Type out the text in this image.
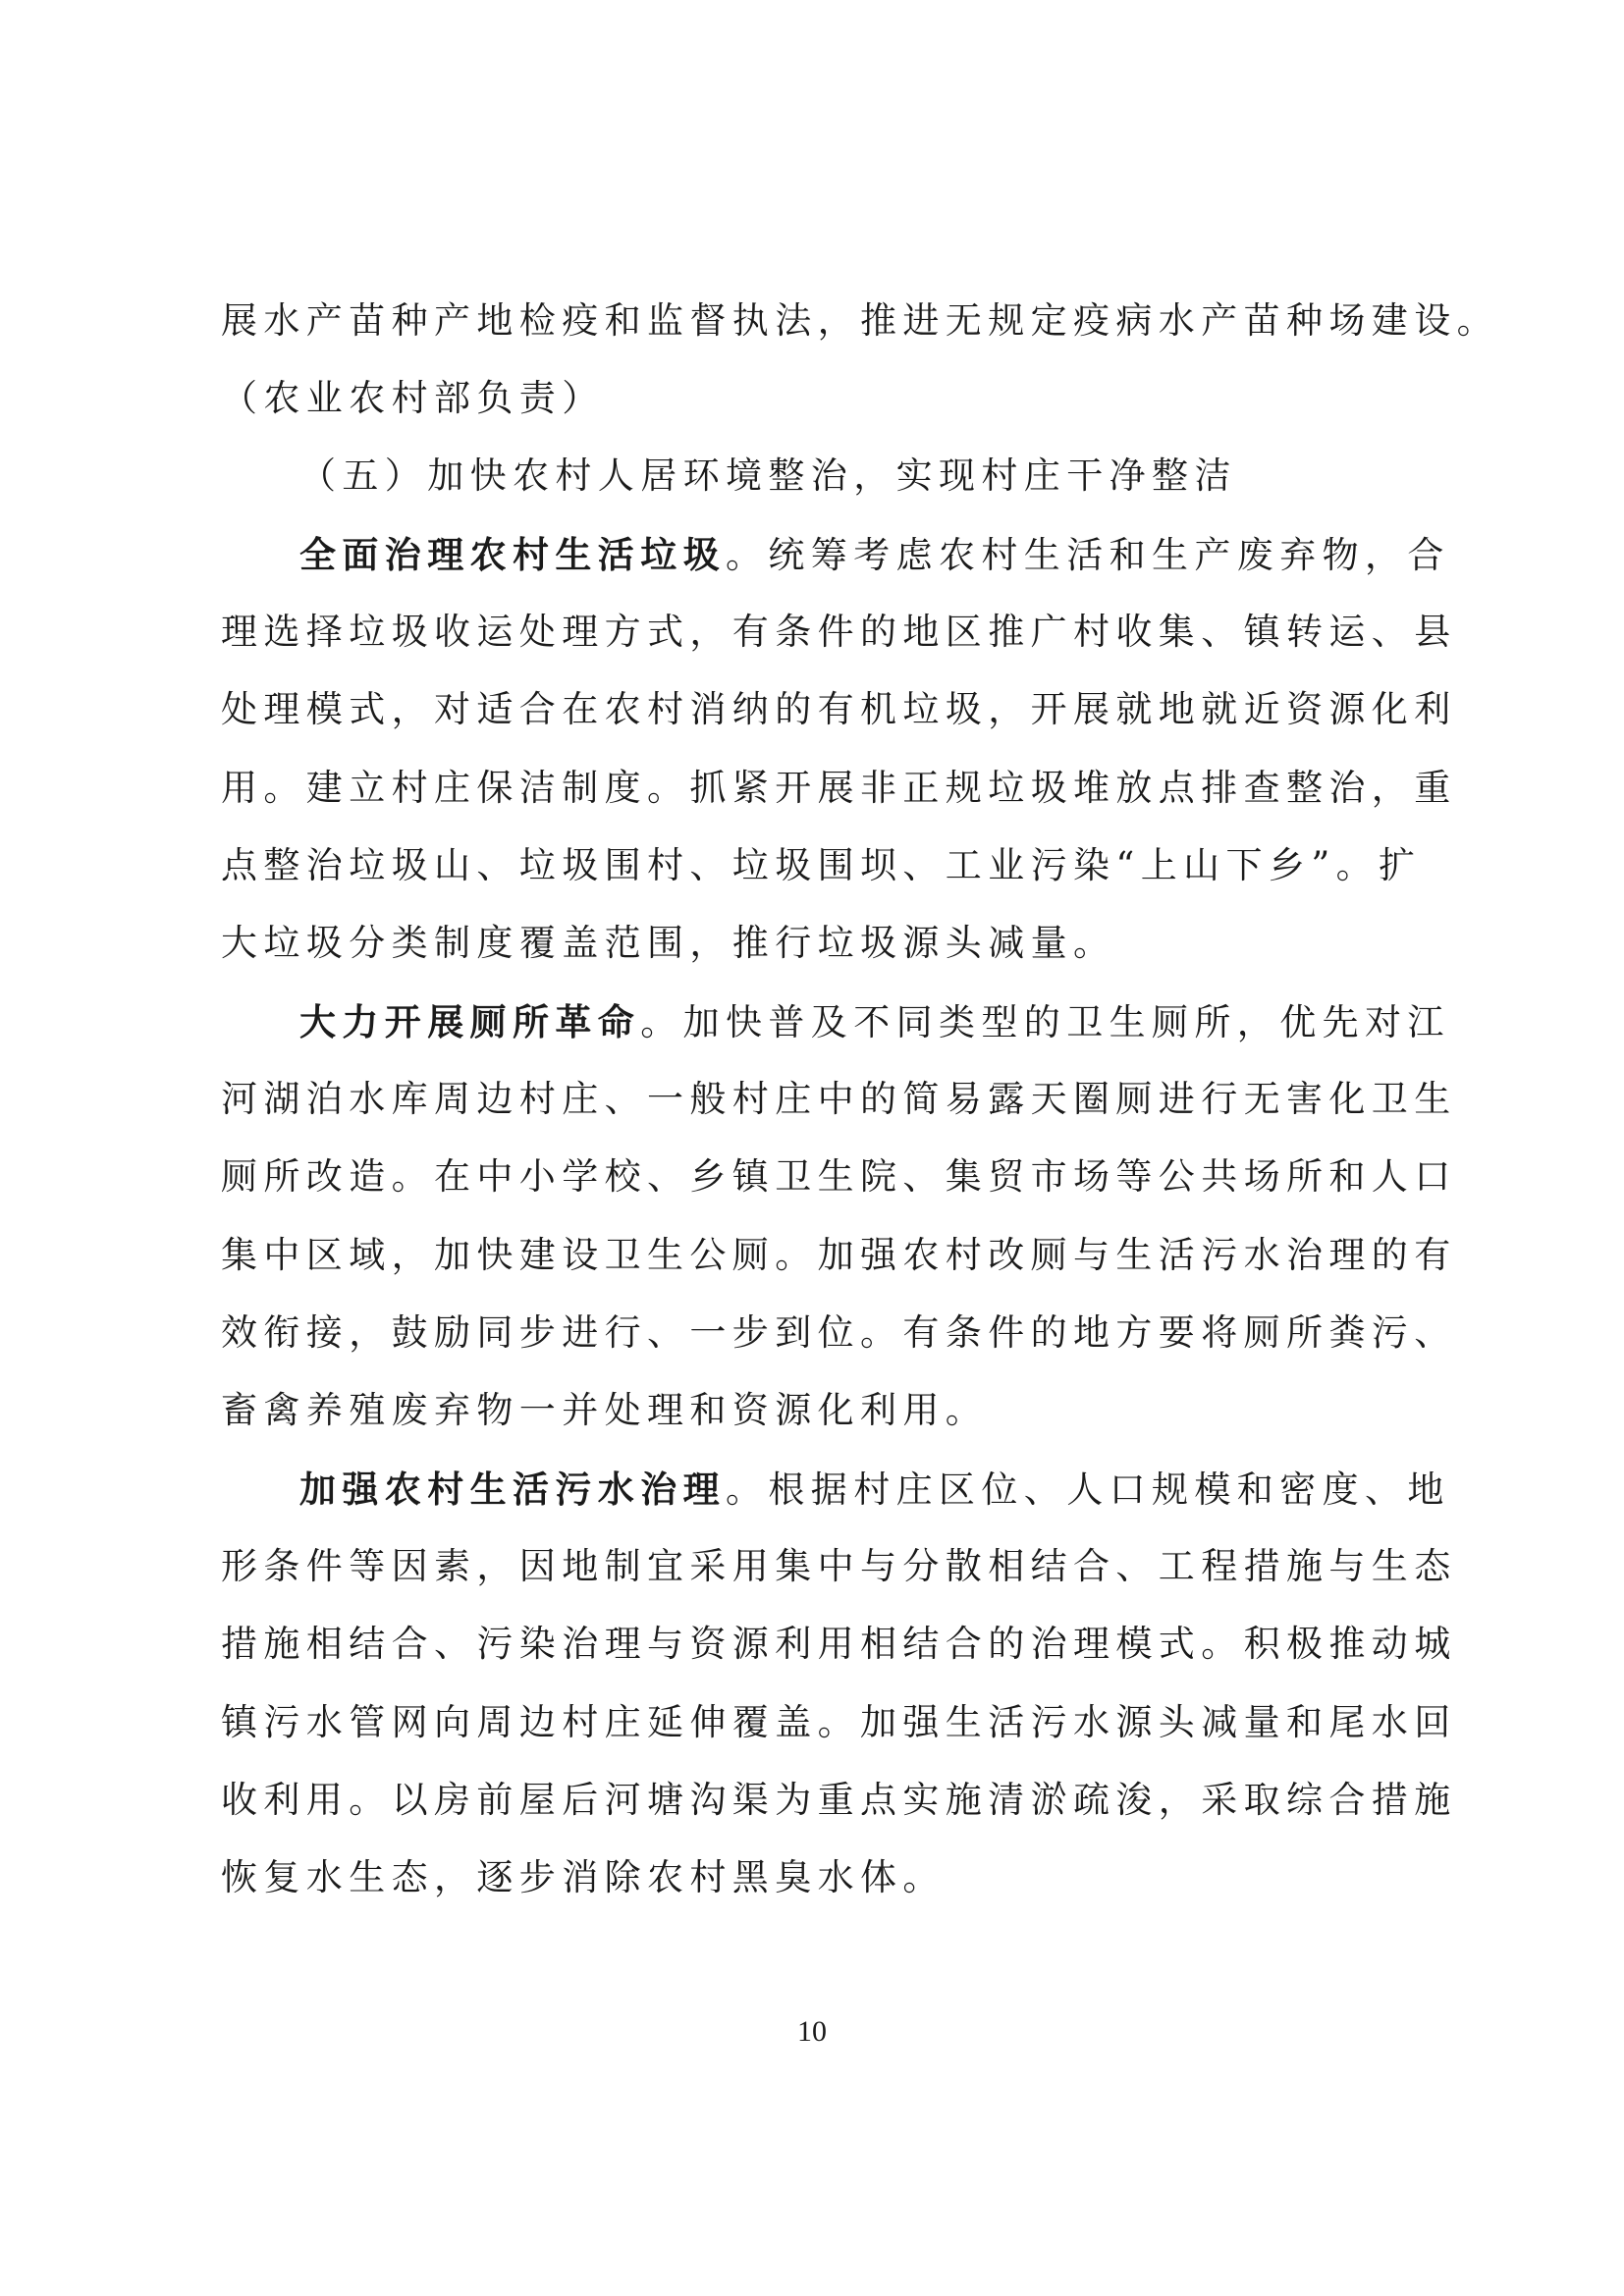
展水产苗种产地检疫和监督执法，推进无规定疫病水产苗种场建设。
（农业农村部负责）
（五）加快农村人居环境整治，实现村庄干净整洁
全面治理农村生活垃圾。统筹考虑农村生活和生产废弃物，合
理选择垃圾收运处理方式，有条件的地区推广村收集、镇转运、县
处理模式，对适合在农村消纳的有机垃圾，开展就地就近资源化利
用。建立村庄保洁制度。抓紧开展非正规垃圾堆放点排查整治，重
点整治垃圾山、垃圾围村、垃圾围坝、工业污染“上山下乡”。扩
大垃圾分类制度覆盖范围，推行垃圾源头减量。
大力开展厕所革命。加快普及不同类型的卫生厕所，优先对江
河湖泊水库周边村庄、一般村庄中的简易露天圈厕进行无害化卫生
厕所改造。在中小学校、乡镇卫生院、集贸市场等公共场所和人口
集中区域，加快建设卫生公厕。加强农村改厕与生活污水治理的有
效衔接，鼓励同步进行、一步到位。有条件的地方要将厕所粪污、
畜禽养殖废弃物一并处理和资源化利用。
加强农村生活污水治理。根据村庄区位、人口规模和密度、地
形条件等因素，因地制宜采用集中与分散相结合、工程措施与生态
措施相结合、污染治理与资源利用相结合的治理模式。积极推动城
镇污水管网向周边村庄延伸覆盖。加强生活污水源头减量和尾水回
收利用。以房前屋后河塘沟渠为重点实施清淤疏浚，采取综合措施
恢复水生态，逐步消除农村黑臭水体。
10
